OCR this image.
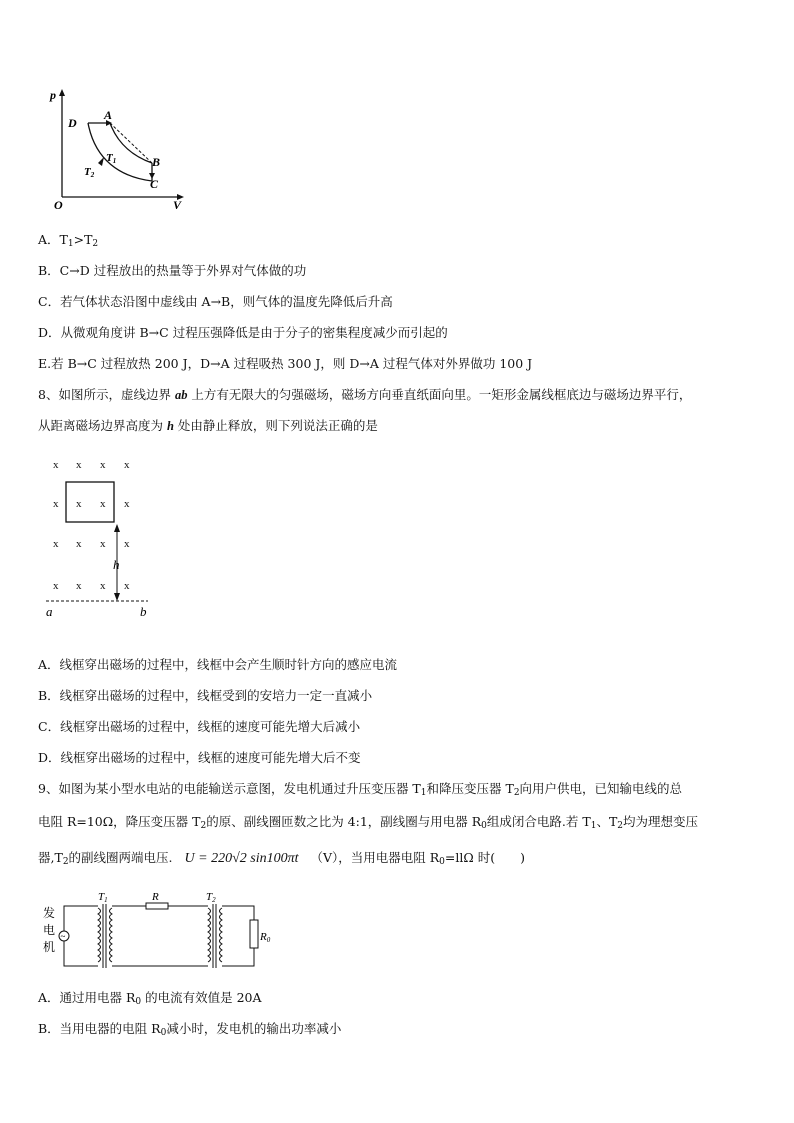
p
O	V
D
A
B
C
T1
T2
A．$T_1>T_2$
B．C→D 过程放出的热量等于外界对气体做的功
C．若气体状态沿图中虚线由 A→B，则气体的温度先降低后升高
D．从微观角度讲 B→C 过程压强降低是由于分子的密集程度减少而引起的
E.若 B→C 过程放热 200 J，D→A 过程吸热 300 J，则 D→A 过程气体对外界做功 100 J
8、如图所示，虚线边界 ab 上方有无限大的匀强磁场，磁场方向垂直纸面向里。一矩形金属线框底边与磁场边界平行，
从距离磁场边界高度为 h 处由静止释放，则下列说法正确的是
x x x x
x x x x
x x x x
x x x x
h
a	b
A．线框穿出磁场的过程中，线框中会产生顺时针方向的感应电流
B．线框穿出磁场的过程中，线框受到的安培力一定一直减小
C．线框穿出磁场的过程中，线框的速度可能先增大后减小
D．线框穿出磁场的过程中，线框的速度可能先增大后不变
9、如图为某小型水电站的电能输送示意图，发电机通过升压变压器 $T_1$和降压变压器 $T_2$向用户供电，已知输电线的总
电阻 R=10Ω，降压变压器 $T_2$的原、副线圈匝数之比为 4:1，副线圈与用电器 $R_0$组成闭合电路.若 $T_1$、$T_2$均为理想变压
器$,T_2$的副线圈两端电压. U = 220√2 sin100πt （V），当用电器电阻 $R_0=ll\Omega$ 时(　　)
发
电
机
~
T1	R	T2
R0
A．通过用电器 $R_0$ 的电流有效值是 20A
B．当用电器的电阻 $R_0$减小时，发电机的输出功率减小
